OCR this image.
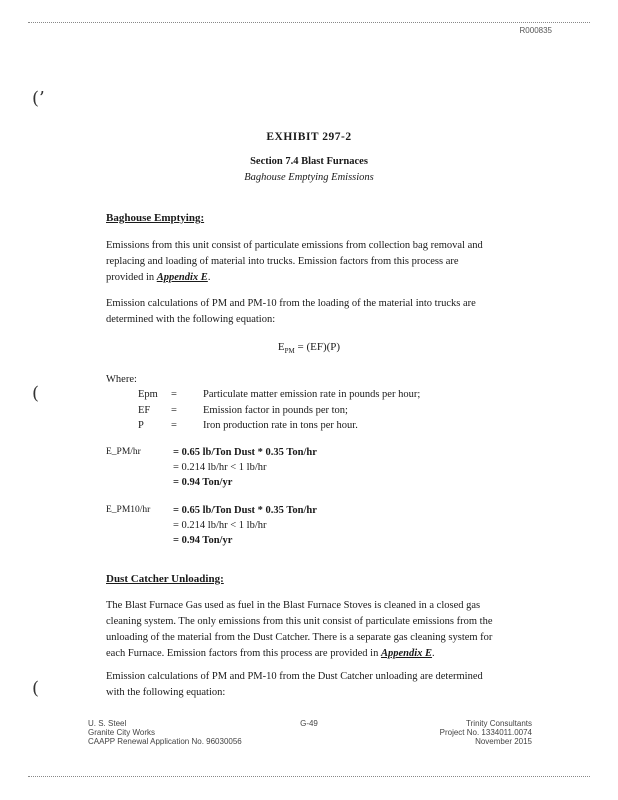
R000835
(’
(
(
EXHIBIT 297-2
Section 7.4 Blast Furnaces
Baghouse Emptying Emissions
Baghouse Emptying:
Emissions from this unit consist of particulate emissions from collection bag removal and
replacing and loading of material into trucks. Emission factors from this process are
provided in Appendix E.
Emission calculations of PM and PM-10 from the loading of the material into trucks are
determined with the following equation:
$E_{PM} = (EF)(P)$
Where:
Epm = Particulate matter emission rate in pounds per hour;
EF = Emission factor in pounds per ton;
P	= Iron production rate in tons per hour.
E_PM/hr	= 0.65 lb/Ton Dust * 0.35 Ton/hr
= 0.214 lb/hr < 1 lb/hr
= 0.94 Ton/yr
E_PM10/hr = 0.65 lb/Ton Dust * 0.35 Ton/hr
= 0.214 lb/hr < 1 lb/hr
= 0.94 Ton/yr
Dust Catcher Unloading:
The Blast Furnace Gas used as fuel in the Blast Furnace Stoves is cleaned in a closed gas
cleaning system. The only emissions from this unit consist of particulate emissions from the
unloading of the material from the Dust Catcher. There is a separate gas cleaning system for
each Furnace. Emission factors from this process are provided in Appendix E.
Emission calculations of PM and PM-10 from the Dust Catcher unloading are determined
with the following equation:
U. S. Steel
Granite City Works
CAAPP Renewal Application No. 96030056
G-49	Trinity Consultants
Project No. 1334011.0074
November 2015
